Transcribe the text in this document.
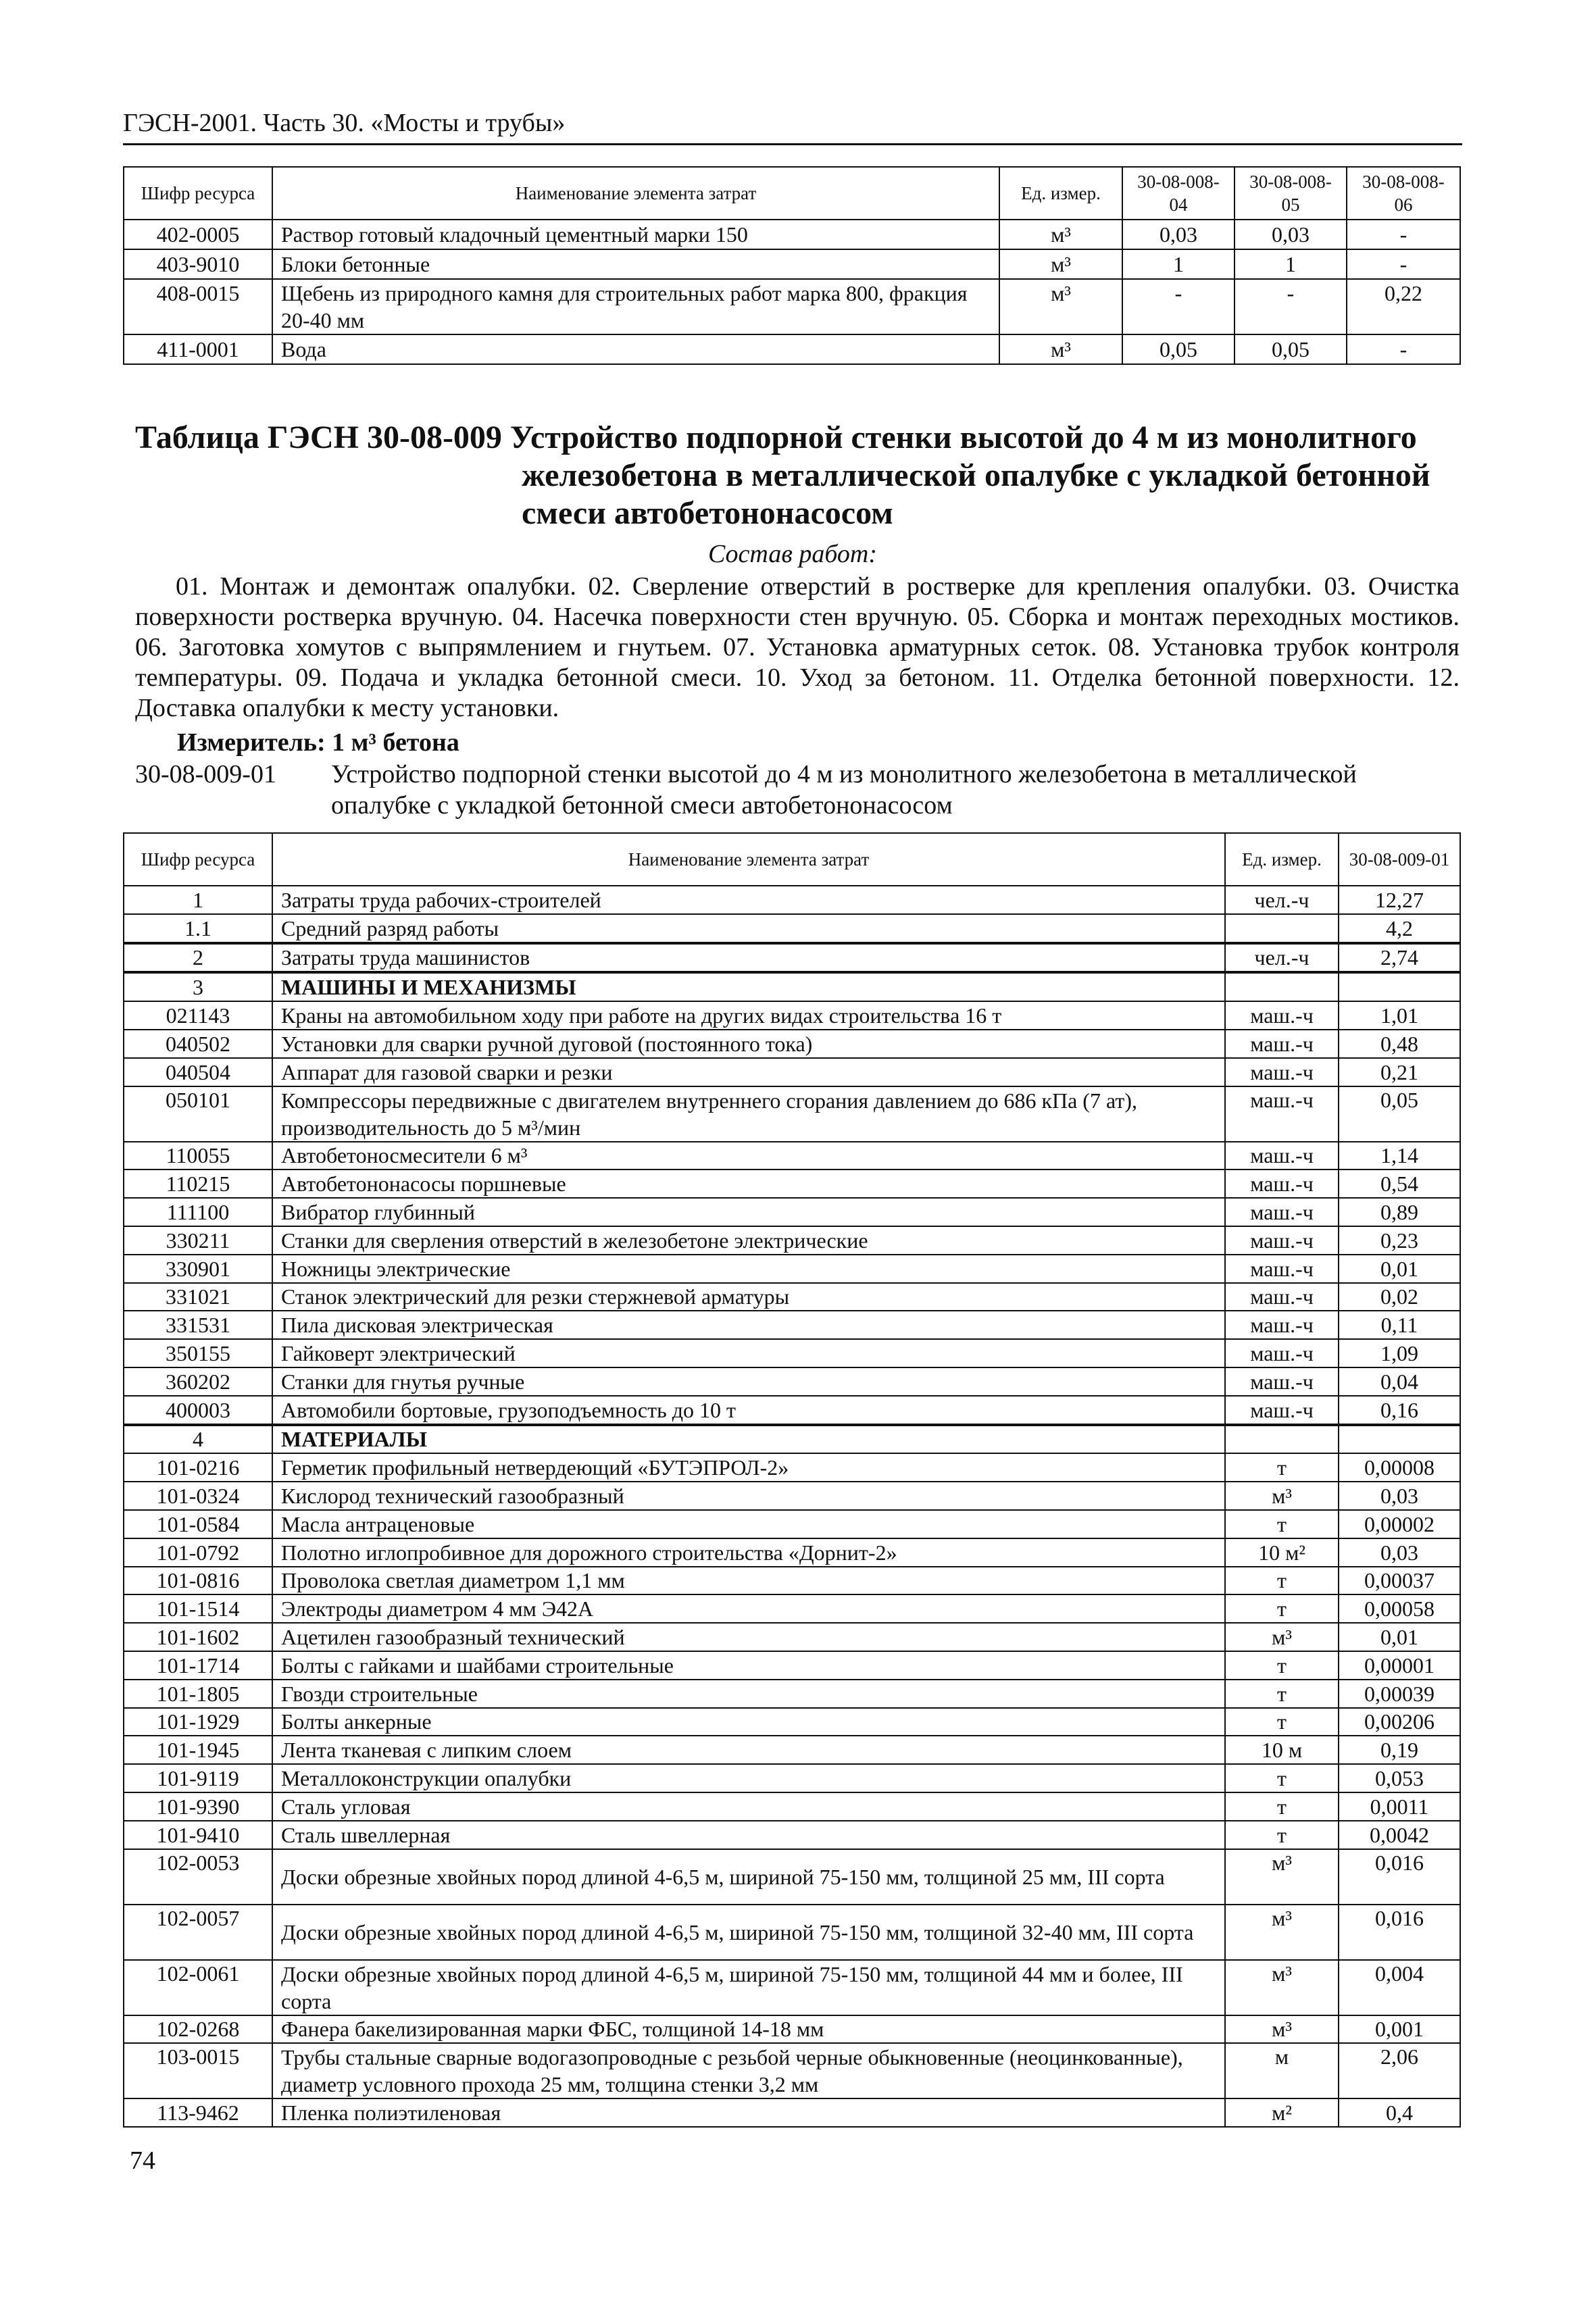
ГЭСН-2001. Часть 30. «Мосты и трубы»
Шифр ресурса	Наименование элемента затрат	Ед. измер.	30-08-008-04	30-08-008-05	30-08-008-06
402-0005	Раствор готовый кладочный цементный марки 150	м³	0,03	0,03	-
403-9010	Блоки бетонные	м³	1	1	-
408-0015	Щебень из природного камня для строительных работ марка 800, фракция 20-40 мм	м³	-	-	0,22
411-0001	Вода	м³	0,05	0,05	-
Таблица ГЭСН 30-08-009 Устройство подпорной стенки высотой до 4 м из монолитного
железобетона в металлической опалубке с укладкой бетонной
смеси автобетононасосом
Состав работ:
01. Монтаж и демонтаж опалубки. 02. Сверление отверстий в ростверке для крепления опалубки. 03. Очистка поверхности ростверка вручную. 04. Насечка поверхности стен вручную. 05. Сборка и монтаж переходных мостиков. 06. Заготовка хомутов с выпрямлением и гнутьем. 07. Установка арматурных сеток. 08. Установка трубок контроля температуры. 09. Подача и укладка бетонной смеси. 10. Уход за бетоном. 11. Отделка бетонной поверхности. 12. Доставка опалубки к месту установки.
Измеритель: 1 м³ бетона
30-08-009-01	Устройство подпорной стенки высотой до 4 м из монолитного железобетона в металлической опалубке с укладкой бетонной смеси автобетононасосом
Шифр ресурса	Наименование элемента затрат	Ед. измер.	30-08-009-01
1	Затраты труда рабочих-строителей	чел.-ч	12,27
1.1	Средний разряд работы		4,2
2	Затраты труда машинистов	чел.-ч	2,74
3	МАШИНЫ И МЕХАНИЗМЫ		
021143	Краны на автомобильном ходу при работе на других видах строительства 16 т	маш.-ч	1,01
040502	Установки для сварки ручной дуговой (постоянного тока)	маш.-ч	0,48
040504	Аппарат для газовой сварки и резки	маш.-ч	0,21
050101	Компрессоры передвижные с двигателем внутреннего сгорания давлением до 686 кПа (7 ат), производительность до 5 м³/мин	маш.-ч	0,05
110055	Автобетоносмесители 6 м³	маш.-ч	1,14
110215	Автобетононасосы поршневые	маш.-ч	0,54
111100	Вибратор глубинный	маш.-ч	0,89
330211	Станки для сверления отверстий в железобетоне электрические	маш.-ч	0,23
330901	Ножницы электрические	маш.-ч	0,01
331021	Станок электрический для резки стержневой арматуры	маш.-ч	0,02
331531	Пила дисковая электрическая	маш.-ч	0,11
350155	Гайковерт электрический	маш.-ч	1,09
360202	Станки для гнутья ручные	маш.-ч	0,04
400003	Автомобили бортовые, грузоподъемность до 10 т	маш.-ч	0,16
4	МАТЕРИАЛЫ		
101-0216	Герметик профильный нетвердеющий «БУТЭПРОЛ-2»	т	0,00008
101-0324	Кислород технический газообразный	м³	0,03
101-0584	Масла антраценовые	т	0,00002
101-0792	Полотно иглопробивное для дорожного строительства «Дорнит-2»	10 м²	0,03
101-0816	Проволока светлая диаметром 1,1 мм	т	0,00037
101-1514	Электроды диаметром 4 мм Э42А	т	0,00058
101-1602	Ацетилен газообразный технический	м³	0,01
101-1714	Болты с гайками и шайбами строительные	т	0,00001
101-1805	Гвозди строительные	т	0,00039
101-1929	Болты анкерные	т	0,00206
101-1945	Лента тканевая с липким слоем	10 м	0,19
101-9119	Металлоконструкции опалубки	т	0,053
101-9390	Сталь угловая	т	0,0011
101-9410	Сталь швеллерная	т	0,0042
102-0053	Доски обрезные хвойных пород длиной 4-6,5 м, шириной 75-150 мм, толщиной 25 мм, III сорта	м³	0,016
102-0057	Доски обрезные хвойных пород длиной 4-6,5 м, шириной 75-150 мм, толщиной 32-40 мм, III сорта	м³	0,016
102-0061	Доски обрезные хвойных пород длиной 4-6,5 м, шириной 75-150 мм, толщиной 44 мм и более, III сорта	м³	0,004
102-0268	Фанера бакелизированная марки ФБС, толщиной 14-18 мм	м³	0,001
103-0015	Трубы стальные сварные водогазопроводные с резьбой черные обыкновенные (неоцинкованные), диаметр условного прохода 25 мм, толщина стенки 3,2 мм	м	2,06
113-9462	Пленка полиэтиленовая	м²	0,4
74
